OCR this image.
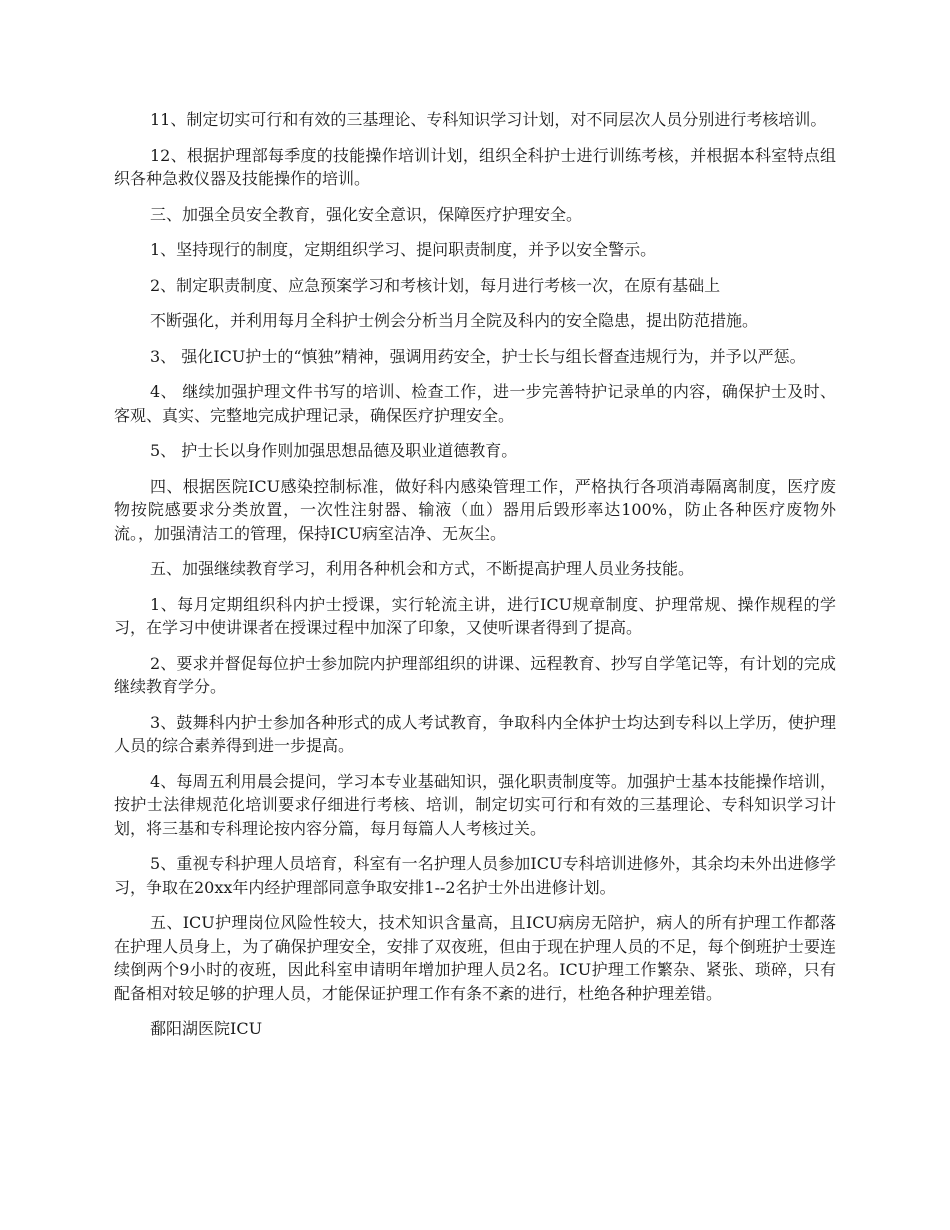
11、制定切实可行和有效的三基理论、专科知识学习计划，对不同层次人员分别进行考核培训。

12、根据护理部每季度的技能操作培训计划，组织全科护士进行训练考核，并根据本科室特点组织各种急救仪器及技能操作的培训。

三、加强全员安全教育，强化安全意识，保障医疗护理安全。

1、坚持现行的制度，定期组织学习、提问职责制度，并予以安全警示。

2、制定职责制度、应急预案学习和考核计划，每月进行考核一次，在原有基础上

不断强化，并利用每月全科护士例会分析当月全院及科内的安全隐患，提出防范措施。

3、 强化ICU护士的“慎独”精神，强调用药安全，护士长与组长督查违规行为，并予以严惩。

4、 继续加强护理文件书写的培训、检查工作，进一步完善特护记录单的内容，确保护士及时、客观、真实、完整地完成护理记录，确保医疗护理安全。

5、 护士长以身作则加强思想品德及职业道德教育。

四、根据医院ICU感染控制标准，做好科内感染管理工作，严格执行各项消毒隔离制度，医疗废物按院感要求分类放置，一次性注射器、输液（血）器用后毁形率达100%，防止各种医疗废物外流。，加强清洁工的管理，保持ICU病室洁净、无灰尘。

五、加强继续教育学习，利用各种机会和方式，不断提高护理人员业务技能。

1、每月定期组织科内护士授课，实行轮流主讲，进行ICU规章制度、护理常规、操作规程的学习，在学习中使讲课者在授课过程中加深了印象，又使听课者得到了提高。

2、要求并督促每位护士参加院内护理部组织的讲课、远程教育、抄写自学笔记等，有计划的完成继续教育学分。

3、鼓舞科内护士参加各种形式的成人考试教育，争取科内全体护士均达到专科以上学历，使护理人员的综合素养得到进一步提高。

4、每周五利用晨会提问，学习本专业基础知识，强化职责制度等。加强护士基本技能操作培训，按护士法律规范化培训要求仔细进行考核、培训，制定切实可行和有效的三基理论、专科知识学习计划，将三基和专科理论按内容分篇，每月每篇人人考核过关。

5、重视专科护理人员培育，科室有一名护理人员参加ICU专科培训进修外，其余均未外出进修学习，争取在20xx年内经护理部同意争取安排1--2名护士外出进修计划。

五、ICU护理岗位风险性较大，技术知识含量高，且ICU病房无陪护，病人的所有护理工作都落在护理人员身上，为了确保护理安全，安排了双夜班，但由于现在护理人员的不足，每个倒班护士要连续倒两个9小时的夜班，因此科室申请明年增加护理人员2名。ICU护理工作繁杂、紧张、琐碎，只有配备相对较足够的护理人员，才能保证护理工作有条不紊的进行，杜绝各种护理差错。

鄱阳湖医院ICU
